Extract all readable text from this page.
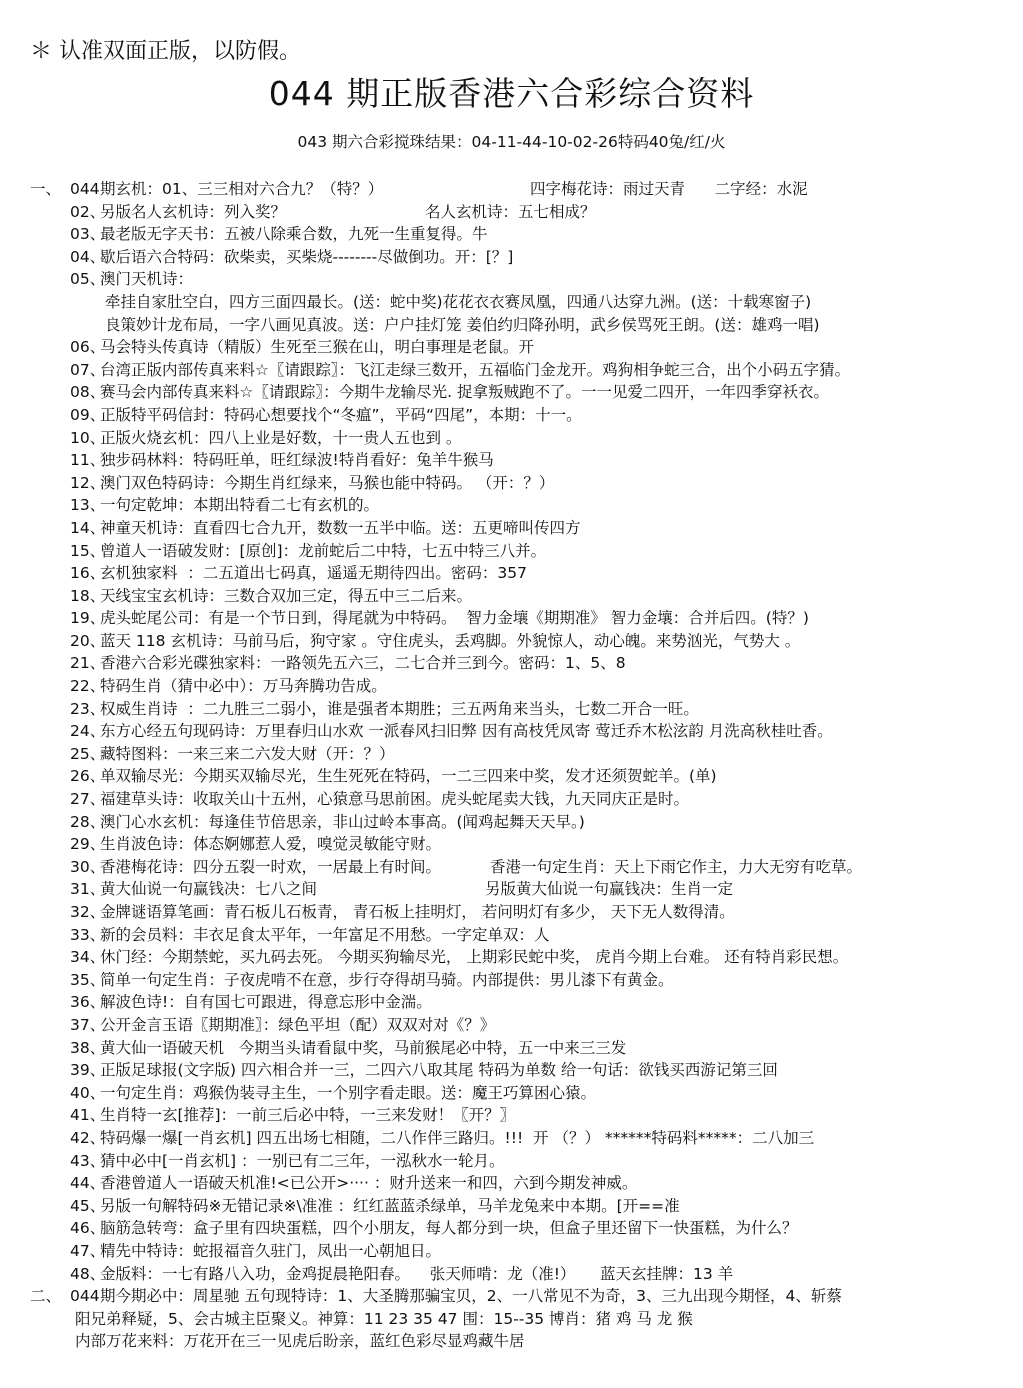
＊ 认准双面正版，以防假。
044 期正版香港六合彩综合资料
043 期六合彩搅珠结果：04-11-44-10-02-26特码40兔/红/火
一、 044期玄机：01、三三相对六合九？（特？）	四字梅花诗：雨过天青      二字经：水泥
02、另版名人玄机诗：列入奖？	名人玄机诗：五七相成？
03、最老版无字天书：五被八除乘合数，九死一生重复得。牛
04、歇后语六合特码：砍柴卖，买柴烧--------尽做倒功。开：[？]
05、澳门天机诗：
牵挂自家肚空白，四方三面四最长。(送：蛇中奖)花花衣衣赛凤凰，四通八达穿九洲。(送：十载寒窗子)
良策妙计龙布局，一字八画见真波。送：户户挂灯笼 姜伯约归降孙明，武乡侯骂死王朗。(送：雄鸡一唱)
06、马会特头传真诗（精版）生死至三猴在山，明白事理是老鼠。开
07、台湾正版内部传真来料☆〖请跟踪〗：飞江走绿三数开，五福临门金龙开。鸡狗相争蛇三合，出个小码五字猜。
08、赛马会内部传真来料☆〖请跟踪〗：今期牛龙输尽光. 捉拿叛贼跑不了。一一见爱二四开，一年四季穿袄衣。
09、正版特平码信封：特码心想要找个“冬瘟”，平码“四尾”，本期：十一。
10、正版火烧玄机：四八上业是好数，十一贵人五也到 。
11、独步码林料：特码旺单，旺红绿波!特肖看好：兔羊牛猴马
12、澳门双色特码诗：今期生肖红绿来，马猴也能中特码。 （开：？）
13、一句定乾坤：本期出特看二七有玄机的。
14、神童天机诗：直看四七合九开，数数一五半中临。送：五更啼叫传四方
15、曾道人一语破发财：[原创]：龙前蛇后二中特，七五中特三八并。
16、玄机独家料  ：二五道出七码真，遥遥无期待四出。密码：357
18、天线宝宝玄机诗：三数合双加三定，得五中三二后来。
19、虎头蛇尾公司：有是一个节日到，得尾就为中特码。  智力金壤《期期准》 智力金壤：合并后四。(特？)
20、蓝天 118 玄机诗：马前马后，狗守家 。守住虎头，丢鸡脚。外貌惊人，动心魄。来势汹光，气势大 。
21、香港六合彩光碟独家料：一路领先五六三，二七合并三到今。密码：1、5、8
22、特码生肖（猜中必中）：万马奔腾功告成。
23、权威生肖诗  ：二九胜三二弱小，谁是强者本期胜；三五两角来当头，七数二开合一旺。
24、东方心经五句现码诗：万里春归山水欢 一派春风扫旧弊 因有高枝凭凤寄 莺迁乔木松泫韵 月洗高秋桂吐香。
25、藏特图料：一来三来二六发大财（开：？）
26、单双输尽光：今期买双输尽光，生生死死在特码，一二三四来中奖，发才还须贺蛇羊。(单)
27、福建草头诗：收取关山十五州，心猿意马思前困。虎头蛇尾卖大钱，九天同庆正是时。
28、澳门心水玄机：每逢佳节倍思亲，非山过岭本事高。(闻鸡起舞天天早。)
29、生肖波色诗：体态婀娜惹人爱，嗅觉灵敏能守财。
30、香港梅花诗：四分五裂一时欢，一居最上有时间。	香港一句定生肖：天上下雨它作主，力大无穷有吃草。
31、黄大仙说一句赢钱决：七八之间	另版黄大仙说一句赢钱决：生肖一定
32、金牌谜语算笔画：青石板儿石板青， 青石板上挂明灯， 若问明灯有多少， 天下无人数得清。
33、新的会员料：丰衣足食太平年，一年富足不用愁。一字定单双：人
34、休门经：今期禁蛇，买九码去死。 今期买狗输尽光， 上期彩民蛇中奖， 虎肖今期上台难。 还有特肖彩民想。
35、简单一句定生肖：子夜虎啃不在意，步行夺得胡马骑。内部提供：男儿漆下有黄金。
36、解波色诗!：自有国七可跟进，得意忘形中金湍。
37、公开金言玉语〖期期准〗：绿色平坦（配）双双对对《？》
38、黄大仙一语破天机   今期当头请看鼠中奖，马前猴尾必中特，五一中来三三发
39、正版足球报(文字版) 四六相合并一三，二四六八取其尾 特码为单数 给一句话：欲钱买西游记第三回
40、一句定生肖：鸡猴伪装寻主生，一个别字看走眼。送：魔王巧算困心猿。
41、生肖特一玄[推荐]：一前三后必中特，一三来发财！〖开？〗
42、特码爆一爆[一肖玄机] 四五出场七相随，二八作伴三路归。!!!  开 （？） ******特码料*****：二八加三
43、猜中必中[一肖玄机] ：一别已有二三年，一泓秋水一轮月。
44、香港曾道人一语破天机准!<已公开>···· ：财升送来一和四，六到今期发神威。
45、另版一句解特码※无错记录※\准准 ：红红蓝蓝杀绿单，马羊龙兔来中本期。[开==准
46、脑筋急转弯：盒子里有四块蛋糕，四个小朋友，每人都分到一块，但盒子里还留下一快蛋糕，为什么？
47、精先中特诗：蛇报福音久驻门，凤出一心朝旭日。
48、金版料：一七有路八入功，金鸡捉晨艳阳春。    张天师啃：龙（准!）     蓝天玄挂牌：13 羊
二、 044期今期必中：周星驰 五句现特诗：1、大圣腾那骗宝贝，2、一八常见不为奇，3、三九出现今期怪，4、斩蔡
阳兄弟释疑，5、会古城主臣聚义。神算：11 23 35 47 围：15--35 博肖：猪 鸡 马 龙 猴
内部万花来料：万花开在三一见虎后盼亲，蓝红色彩尽显鸡藏牛居
